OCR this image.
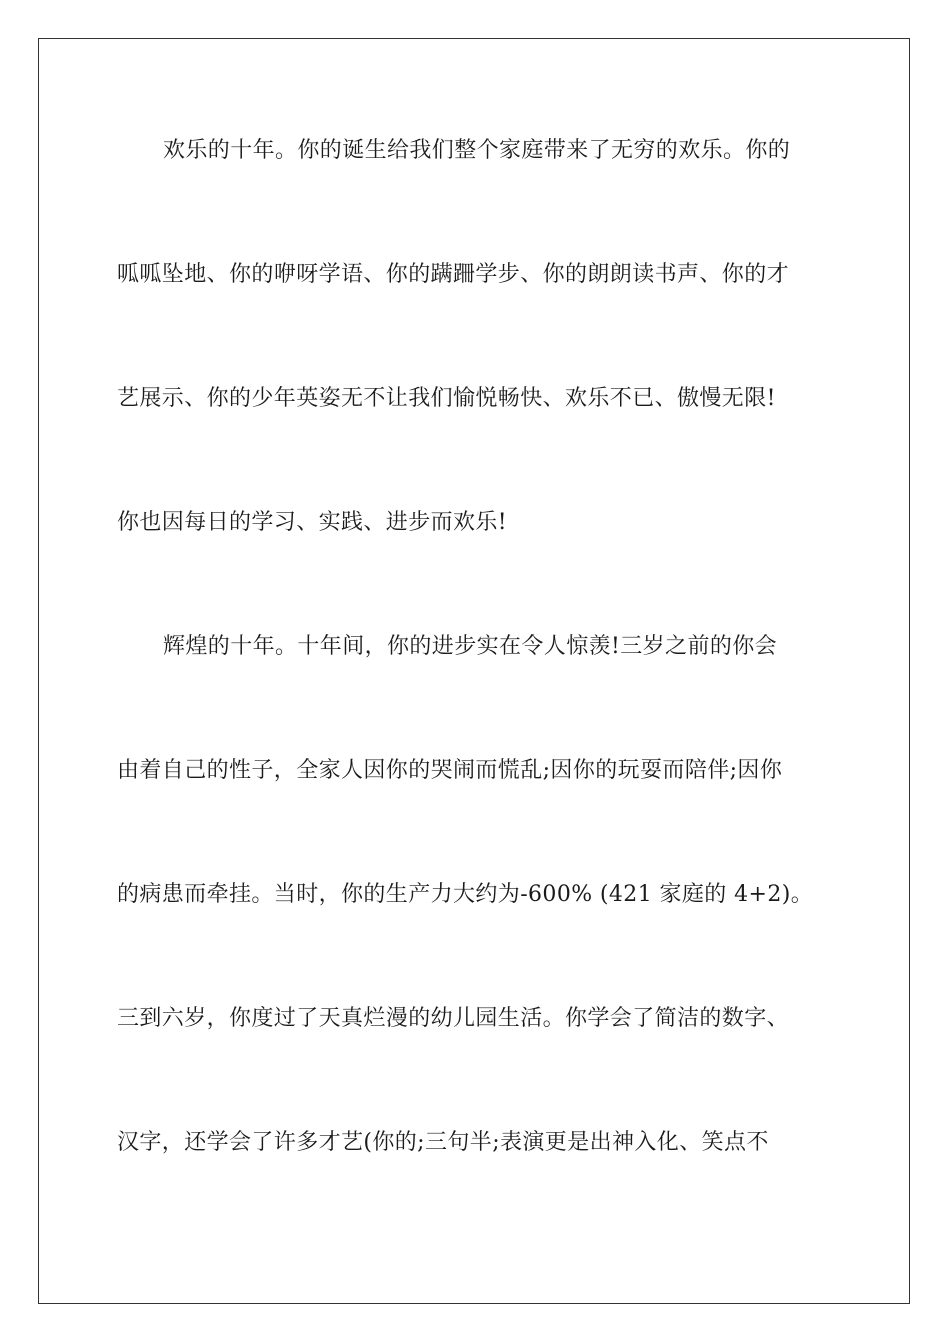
欢乐的十年。你的诞生给我们整个家庭带来了无穷的欢乐。你的
呱呱坠地、你的咿呀学语、你的蹒跚学步、你的朗朗读书声、你的才
艺展示、你的少年英姿无不让我们愉悦畅快、欢乐不已、傲慢无限!
你也因每日的学习、实践、进步而欢乐!
辉煌的十年。十年间，你的进步实在令人惊羡!三岁之前的你会
由着自己的性子，全家人因你的哭闹而慌乱;因你的玩耍而陪伴;因你
的病患而牵挂。当时，你的生产力大约为-600% (421 家庭的 4+2)。
三到六岁，你度过了天真烂漫的幼儿园生活。你学会了简洁的数字、
汉字，还学会了许多才艺(你的;三句半;表演更是出神入化、笑点不
